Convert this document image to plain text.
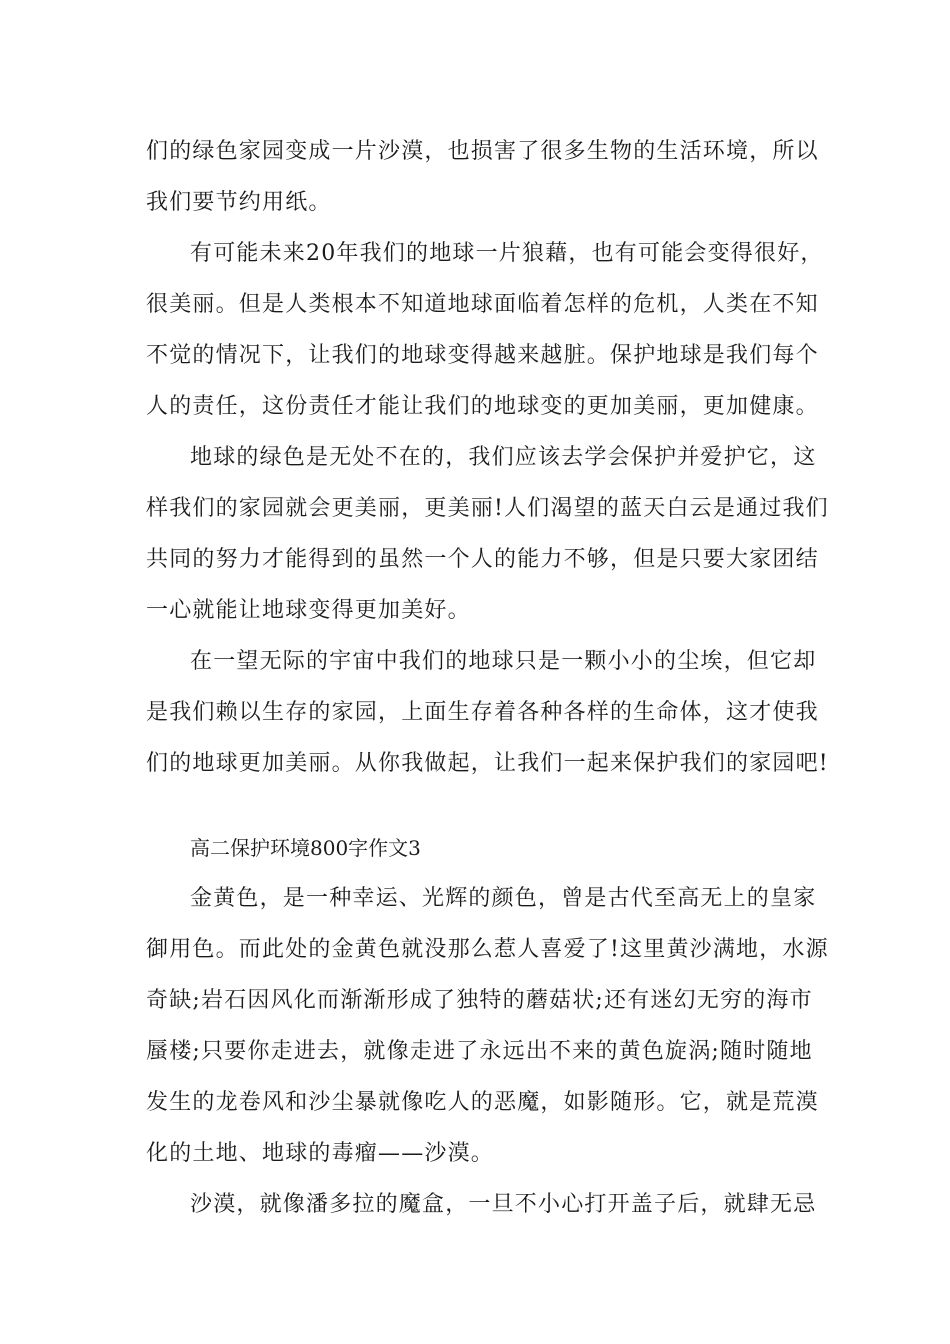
们的绿色家园变成一片沙漠，也损害了很多生物的生活环境，所以
我们要节约用纸。
有可能未来20年我们的地球一片狼藉，也有可能会变得很好，
很美丽。但是人类根本不知道地球面临着怎样的危机，人类在不知
不觉的情况下，让我们的地球变得越来越脏。保护地球是我们每个
人的责任，这份责任才能让我们的地球变的更加美丽，更加健康。
地球的绿色是无处不在的，我们应该去学会保护并爱护它，这
样我们的家园就会更美丽，更美丽!人们渴望的蓝天白云是通过我们
共同的努力才能得到的虽然一个人的能力不够，但是只要大家团结
一心就能让地球变得更加美好。
在一望无际的宇宙中我们的地球只是一颗小小的尘埃，但它却
是我们赖以生存的家园，上面生存着各种各样的生命体，这才使我
们的地球更加美丽。从你我做起，让我们一起来保护我们的家园吧!
高二保护环境800字作文3
金黄色，是一种幸运、光辉的颜色，曾是古代至高无上的皇家
御用色。而此处的金黄色就没那么惹人喜爱了!这里黄沙满地，水源
奇缺;岩石因风化而渐渐形成了独特的蘑菇状;还有迷幻无穷的海市
蜃楼;只要你走进去，就像走进了永远出不来的黄色旋涡;随时随地
发生的龙卷风和沙尘暴就像吃人的恶魔，如影随形。它，就是荒漠
化的土地、地球的毒瘤——沙漠。
沙漠，就像潘多拉的魔盒，一旦不小心打开盖子后，就肆无忌
